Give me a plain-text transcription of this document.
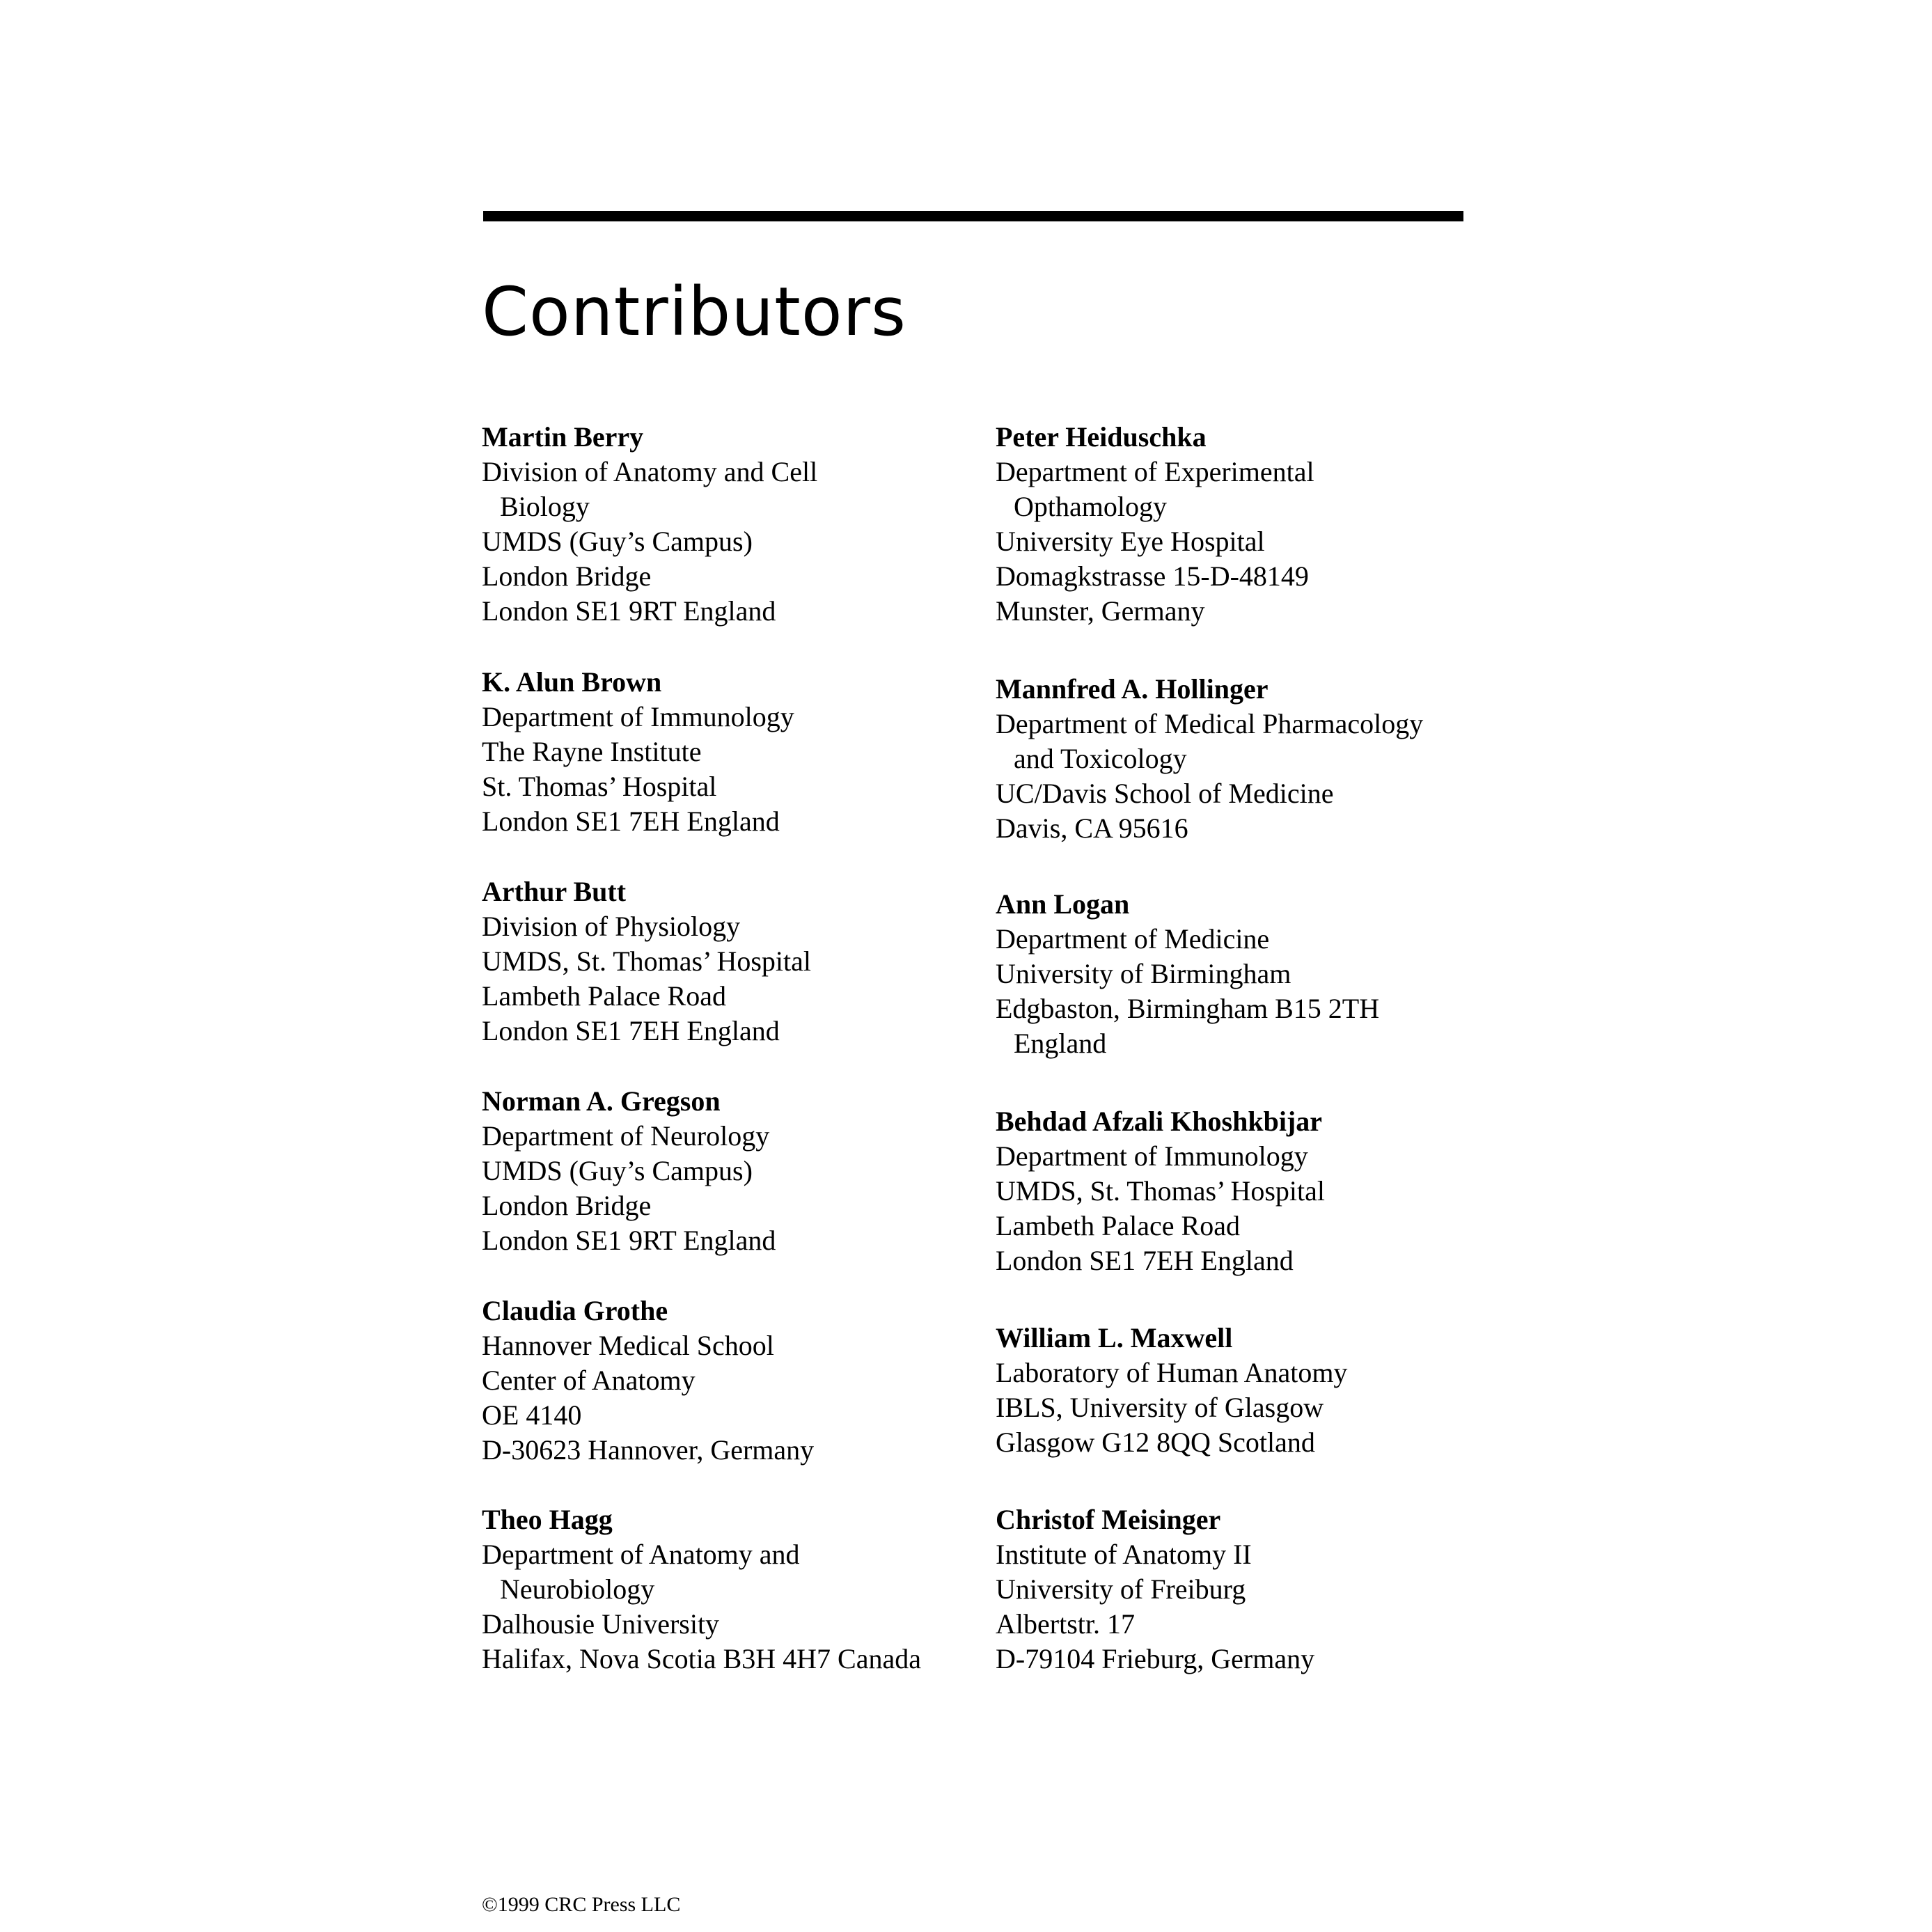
Contributors
Martin Berry
Division of Anatomy and Cell
Biology
UMDS (Guy’s Campus)
London Bridge
London SE1 9RT England
K. Alun Brown
Department of Immunology
The Rayne Institute
St. Thomas’ Hospital
London SE1 7EH England
Arthur Butt
Division of Physiology
UMDS, St. Thomas’ Hospital
Lambeth Palace Road
London SE1 7EH England
Norman A. Gregson
Department of Neurology
UMDS (Guy’s Campus)
London Bridge
London SE1 9RT England
Claudia Grothe
Hannover Medical School
Center of Anatomy
OE 4140
D-30623 Hannover, Germany
Theo Hagg
Department of Anatomy and
Neurobiology
Dalhousie University
Halifax, Nova Scotia B3H 4H7 Canada
Peter Heiduschka
Department of Experimental
Opthamology
University Eye Hospital
Domagkstrasse 15-D-48149
Munster, Germany
Mannfred A. Hollinger
Department of Medical Pharmacology
and Toxicology
UC/Davis School of Medicine
Davis, CA 95616
Ann Logan
Department of Medicine
University of Birmingham
Edgbaston, Birmingham B15 2TH
England
Behdad Afzali Khoshkbijar
Department of Immunology
UMDS, St. Thomas’ Hospital
Lambeth Palace Road
London SE1 7EH England
William L. Maxwell
Laboratory of Human Anatomy
IBLS, University of Glasgow
Glasgow G12 8QQ Scotland
Christof Meisinger
Institute of Anatomy II
University of Freiburg
Albertstr. 17
D-79104 Frieburg, Germany
©1999 CRC Press LLC
